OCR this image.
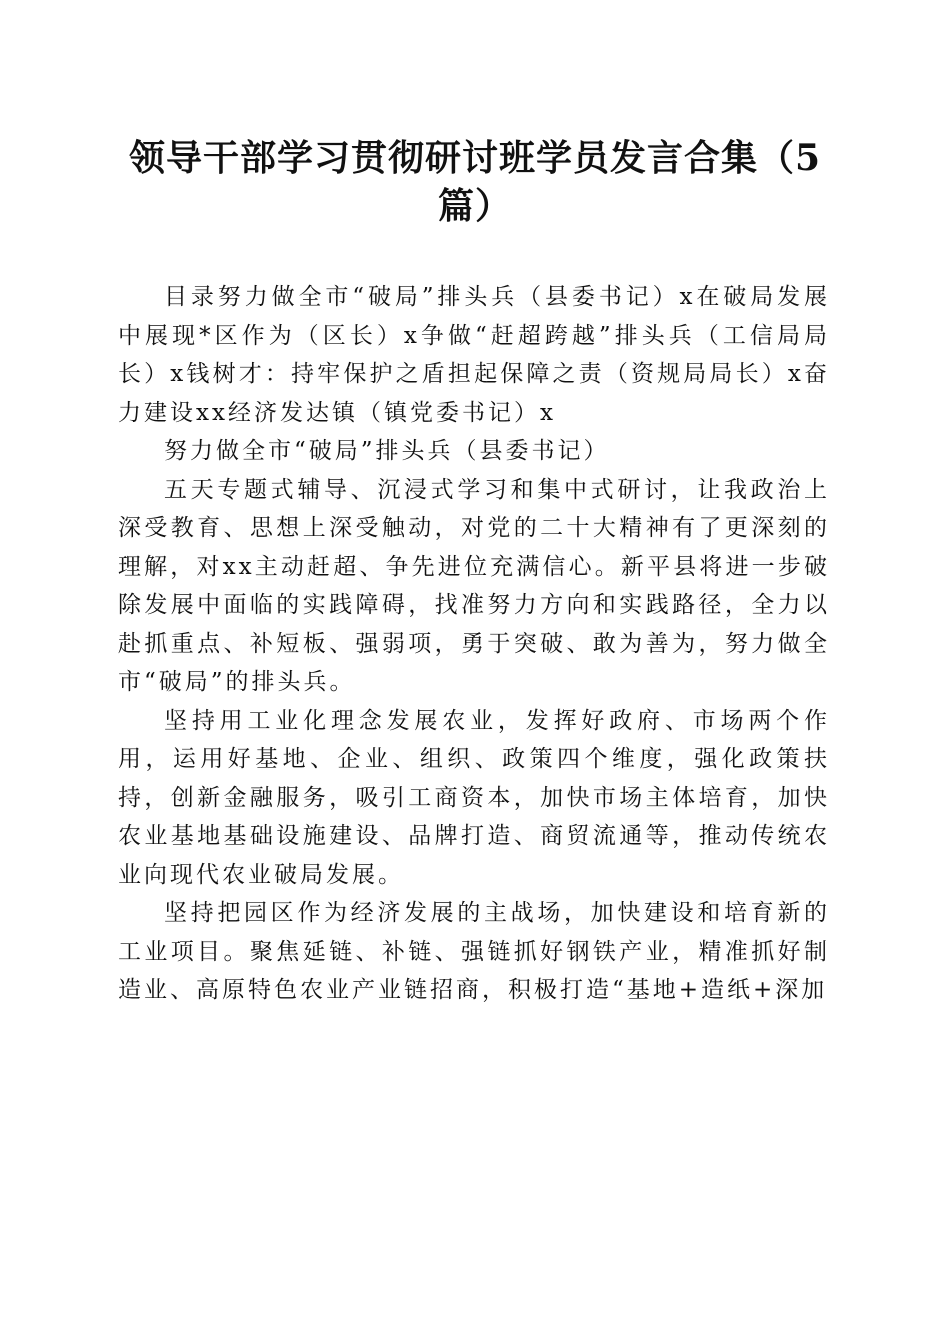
领导干部学习贯彻研讨班学员发言合集（5篇）

目录努力做全市“破局”排头兵（县委书记）x在破局发展中展现*区作为（区长）x争做“赶超跨越”排头兵（工信局局长）x钱树才：持牢保护之盾担起保障之责（资规局局长）x奋力建设xx经济发达镇（镇党委书记）x

努力做全市“破局”排头兵（县委书记）

五天专题式辅导、沉浸式学习和集中式研讨，让我政治上深受教育、思想上深受触动，对党的二十大精神有了更深刻的理解，对xx主动赶超、争先进位充满信心。新平县将进一步破除发展中面临的实践障碍，找准努力方向和实践路径，全力以赴抓重点、补短板、强弱项，勇于突破、敢为善为，努力做全市“破局”的排头兵。

坚持用工业化理念发展农业，发挥好政府、市场两个作用，运用好基地、企业、组织、政策四个维度，强化政策扶持，创新金融服务，吸引工商资本，加快市场主体培育，加快农业基地基础设施建设、品牌打造、商贸流通等，推动传统农业向现代农业破局发展。

坚持把园区作为经济发展的主战场，加快建设和培育新的工业项目。聚焦延链、补链、强链抓好钢铁产业，精准抓好制造业、高原特色农业产业链招商，积极打造“基地+造纸+深加
